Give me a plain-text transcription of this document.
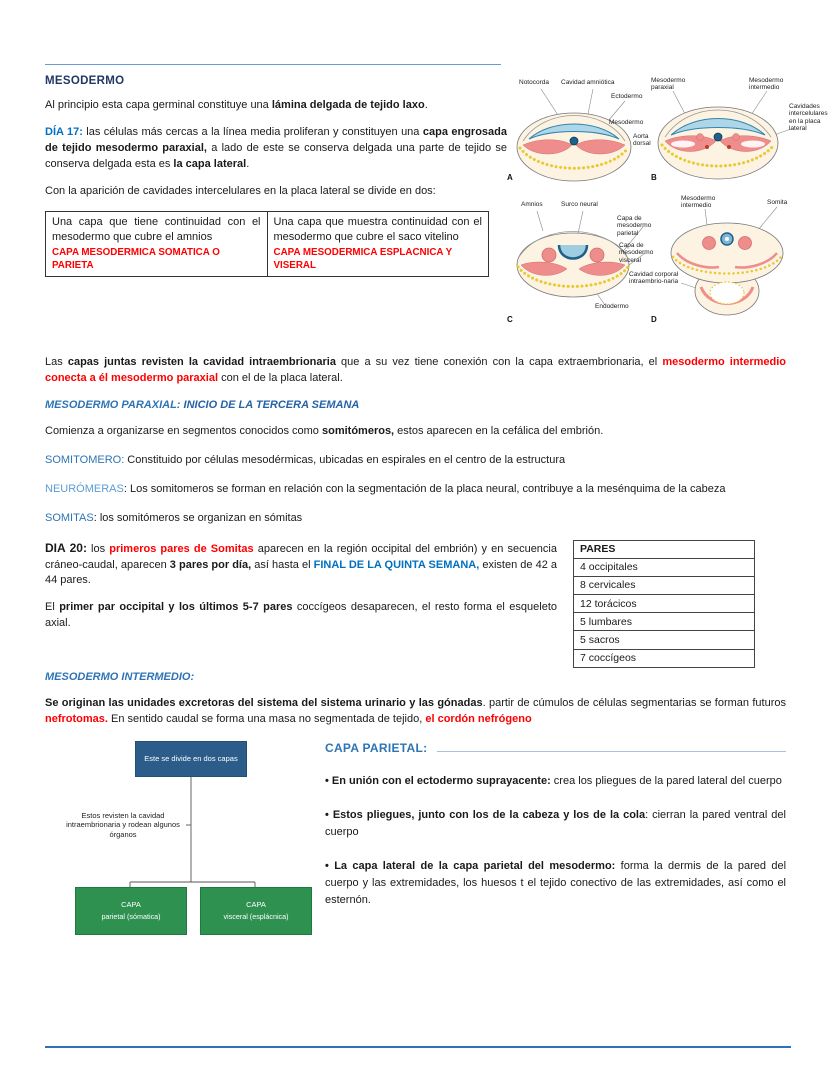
MESODERMO

Al principio esta capa germinal constituye una lámina delgada de tejido laxo.

DÍA 17: las células más cercas a la línea media proliferan y constituyen una capa engrosada de tejido mesodermo paraxial, a lado de este se conserva delgada una parte de tejido se conserva delgada esta es la capa lateral.

Con la aparición de cavidades intercelulares en la placa lateral se divide en dos:

Una capa que tiene continuidad con el mesodermo que cubre el amnios
CAPA MESODERMICA SOMATICA O PARIETA

Una capa que muestra continuidad con el mesodermo que cubre el saco vitelino
CAPA MESODERMICA ESPLACNICA Y VISERAL
Notocorda	Cavidad amniótica
Ectodermo
Mesodermo
Mesodermo paraxial
Mesodermo intermedio
Cavidades intercelulares en la placa lateral
Aorta dorsal
A	B
Amnios	Surco neural
Mesodermo intermedio	Somita
Capa de mesodermo parietal
Capa de mesodermo visceral
Cavidad corporal intraembrio-naria
Endodermo
C	D

Las capas juntas revisten la cavidad intraembrionaria que a su vez tiene conexión con la capa extraembrionaria, el mesodermo intermedio conecta a él mesodermo paraxial con el de la placa lateral.

MESODERMO PARAXIAL: INICIO DE LA TERCERA SEMANA

Comienza a organizarse en segmentos conocidos como somitómeros, estos aparecen en la cefálica del embrión.

SOMITOMERO: Constituido por células mesodérmicas, ubicadas en espirales en el centro de la estructura

NEURÓMERAS: Los somitomeros se forman en relación con la segmentación de la placa neural, contribuye a la mesénquima de la cabeza

SOMITAS: los somitómeros se organizan en sómitas

DIA 20: los primeros pares de Somitas aparecen en la región occipital del embrión) y en secuencia cráneo-caudal, aparecen 3 pares por día, así hasta el FINAL DE LA QUINTA SEMANA, existen de 42 a 44 pares.

El primer par occipital y los últimos 5-7 pares coccígeos desaparecen, el resto forma el esqueleto axial.

PARES
4 occipitales
8 cervicales
12 torácicos
5 lumbares
5 sacros
7 coccígeos

MESODERMO INTERMEDIO:

Se originan las unidades excretoras del sistema del sistema urinario y las gónadas. partir de cúmulos de células segmentarias se forman futuros nefrotomas. En sentido caudal se forma una masa no segmentada de tejido, el cordón nefrógeno

Este se divide en dos capas
Estos revisten la cavidad intraembrionaria y rodean algunos órganos
CAPA
parietal (sómatica)
CAPA
visceral (esplácnica)
CAPA PARIETAL:

• En unión con el ectodermo suprayacente: crea los pliegues de la pared lateral del cuerpo

• Estos pliegues, junto con los de la cabeza y los de la cola: cierran la pared ventral del cuerpo

• La capa lateral de la capa parietal del mesodermo: forma la dermis de la pared del cuerpo y las extremidades, los huesos t el tejido conectivo de las extremidades, así como el esternón.
